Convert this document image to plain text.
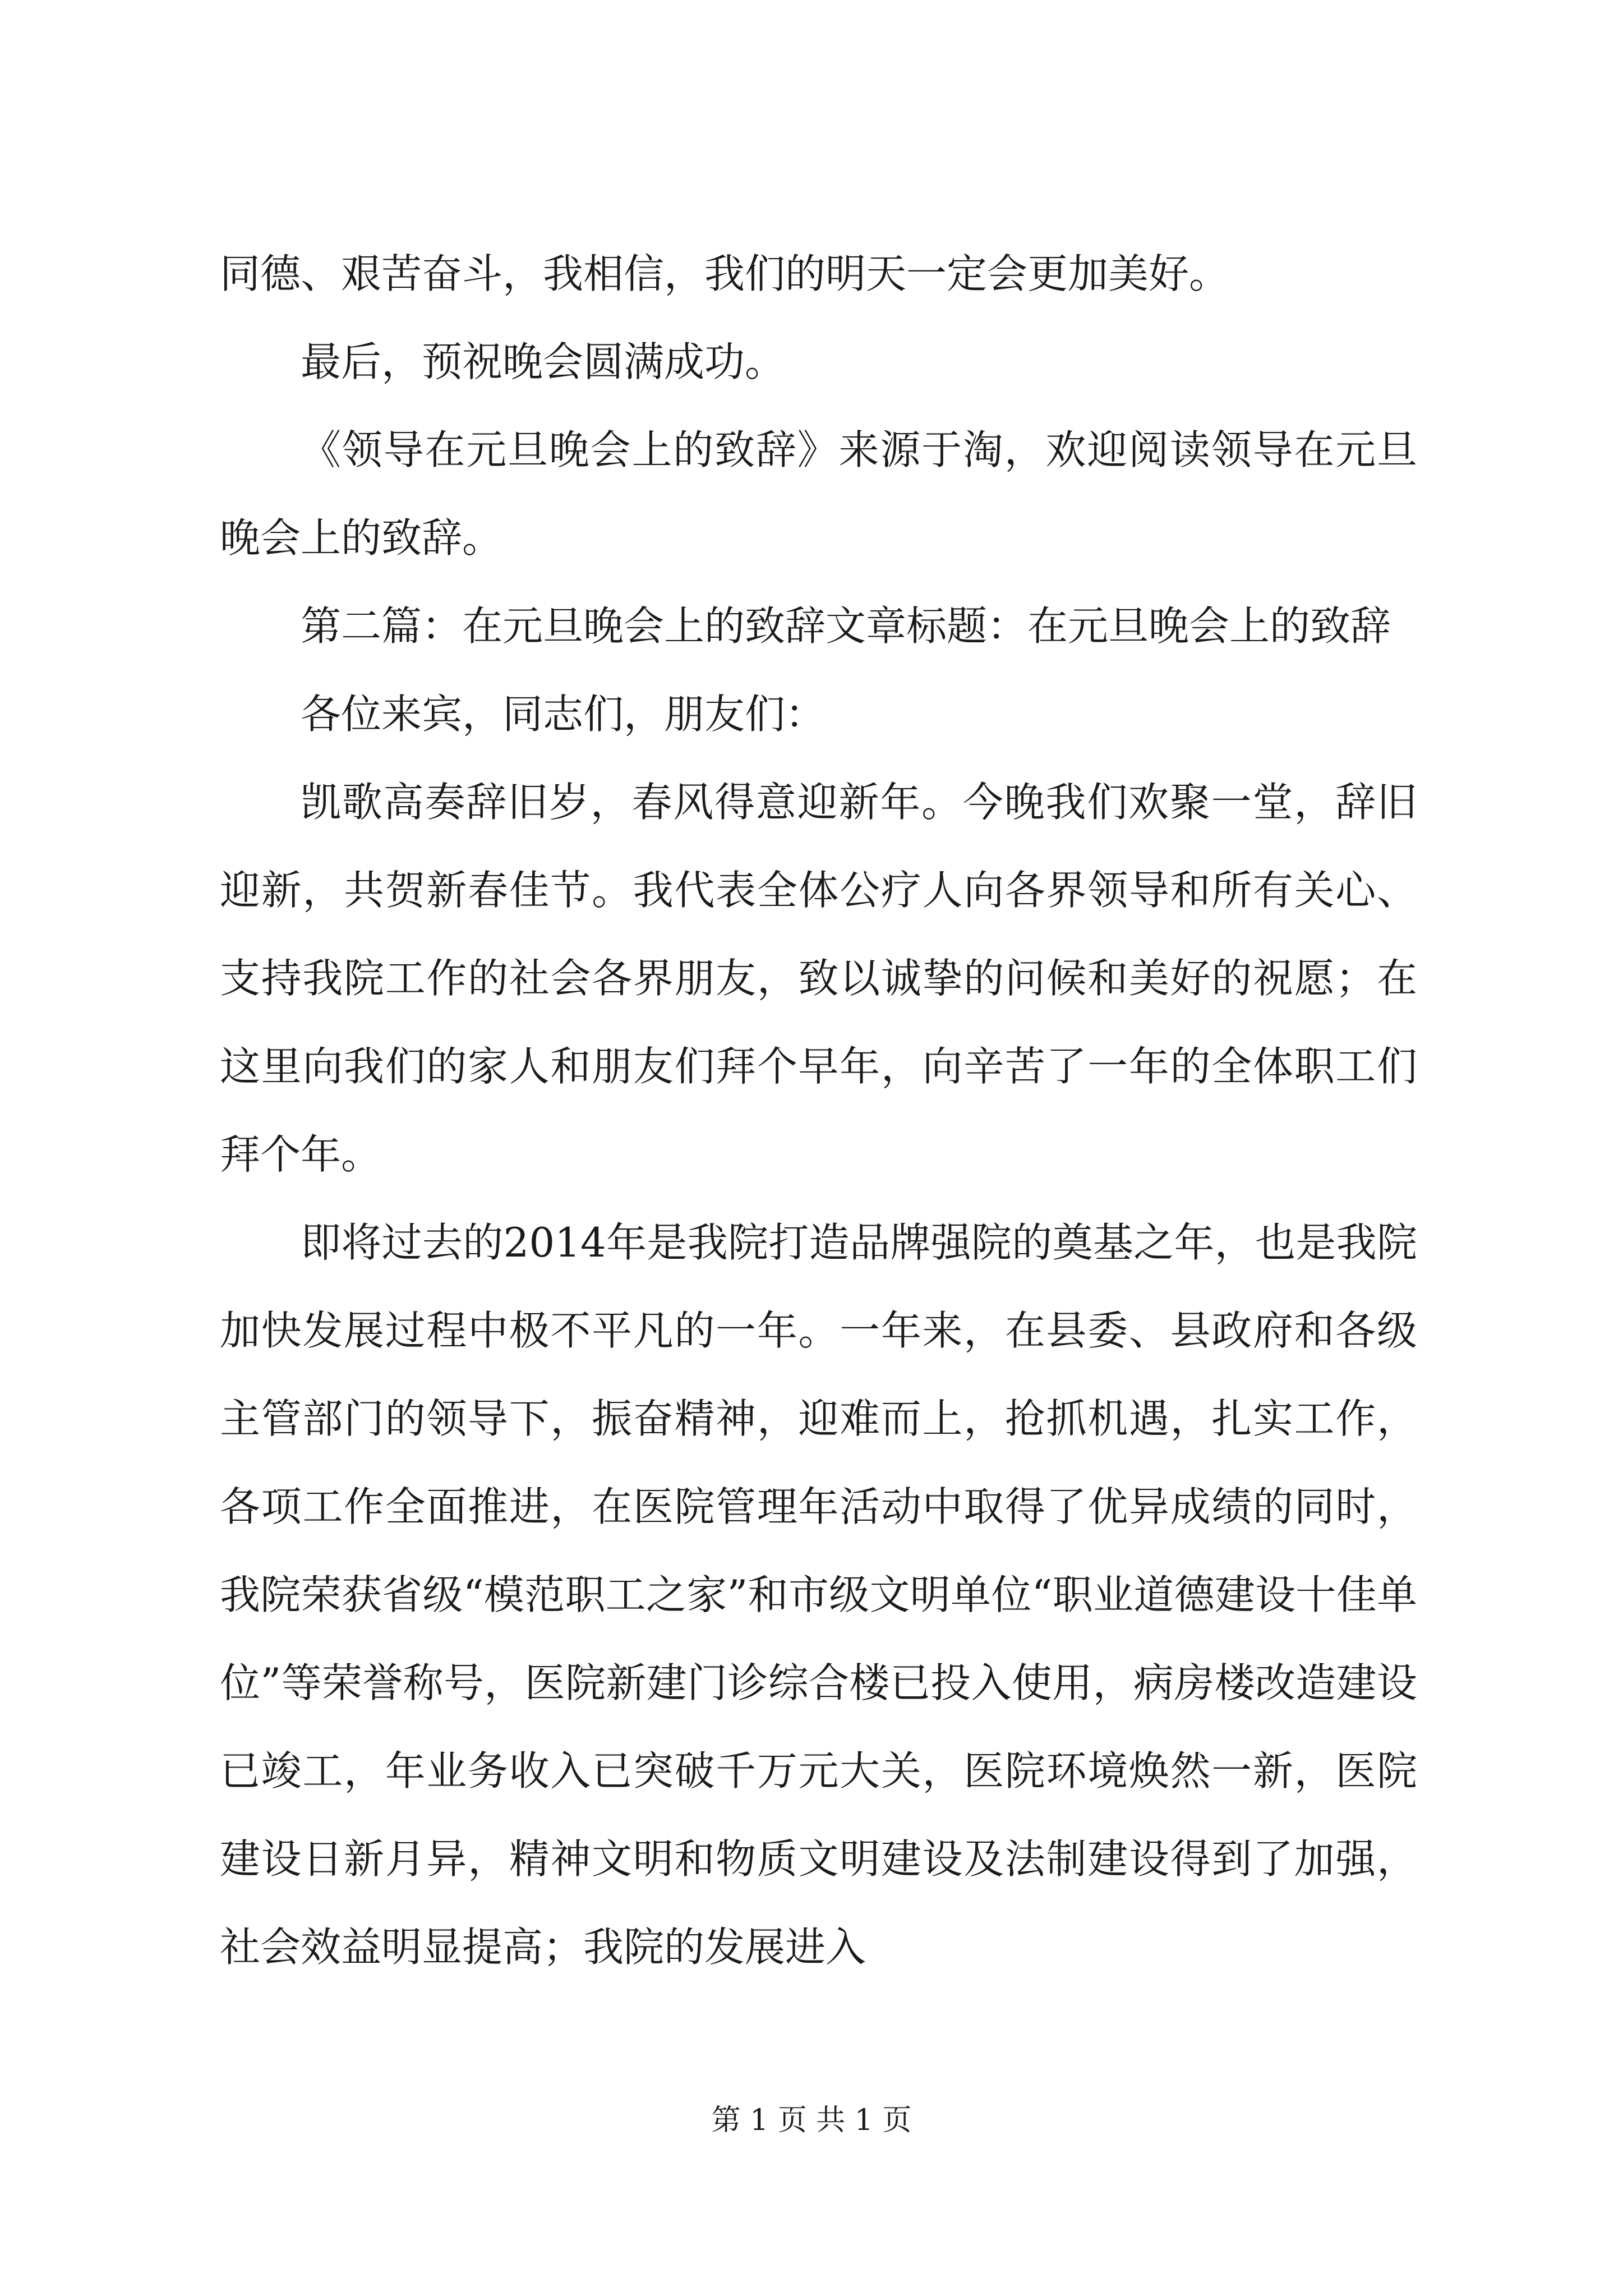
同德、艰苦奋斗，我相信，我们的明天一定会更加美好。

最后，预祝晚会圆满成功。

《领导在元旦晚会上的致辞》来源于淘，欢迎阅读领导在元旦晚会上的致辞。

第二篇：在元旦晚会上的致辞文章标题：在元旦晚会上的致辞

各位来宾，同志们，朋友们：

凯歌高奏辞旧岁，春风得意迎新年。今晚我们欢聚一堂，辞旧迎新，共贺新春佳节。我代表全体公疗人向各界领导和所有关心、支持我院工作的社会各界朋友，致以诚挚的问候和美好的祝愿；在这里向我们的家人和朋友们拜个早年，向辛苦了一年的全体职工们拜个年。

即将过去的2014年是我院打造品牌强院的奠基之年，也是我院加快发展过程中极不平凡的一年。一年来，在县委、县政府和各级主管部门的领导下，振奋精神，迎难而上，抢抓机遇，扎实工作，各项工作全面推进，在医院管理年活动中取得了优异成绩的同时，我院荣获省级“模范职工之家”和市级文明单位“职业道德建设十佳单位”等荣誉称号，医院新建门诊综合楼已投入使用，病房楼改造建设已竣工，年业务收入已突破千万元大关，医院环境焕然一新，医院建设日新月异，精神文明和物质文明建设及法制建设得到了加强，社会效益明显提高；我院的发展进入

第 1 页 共 1 页
